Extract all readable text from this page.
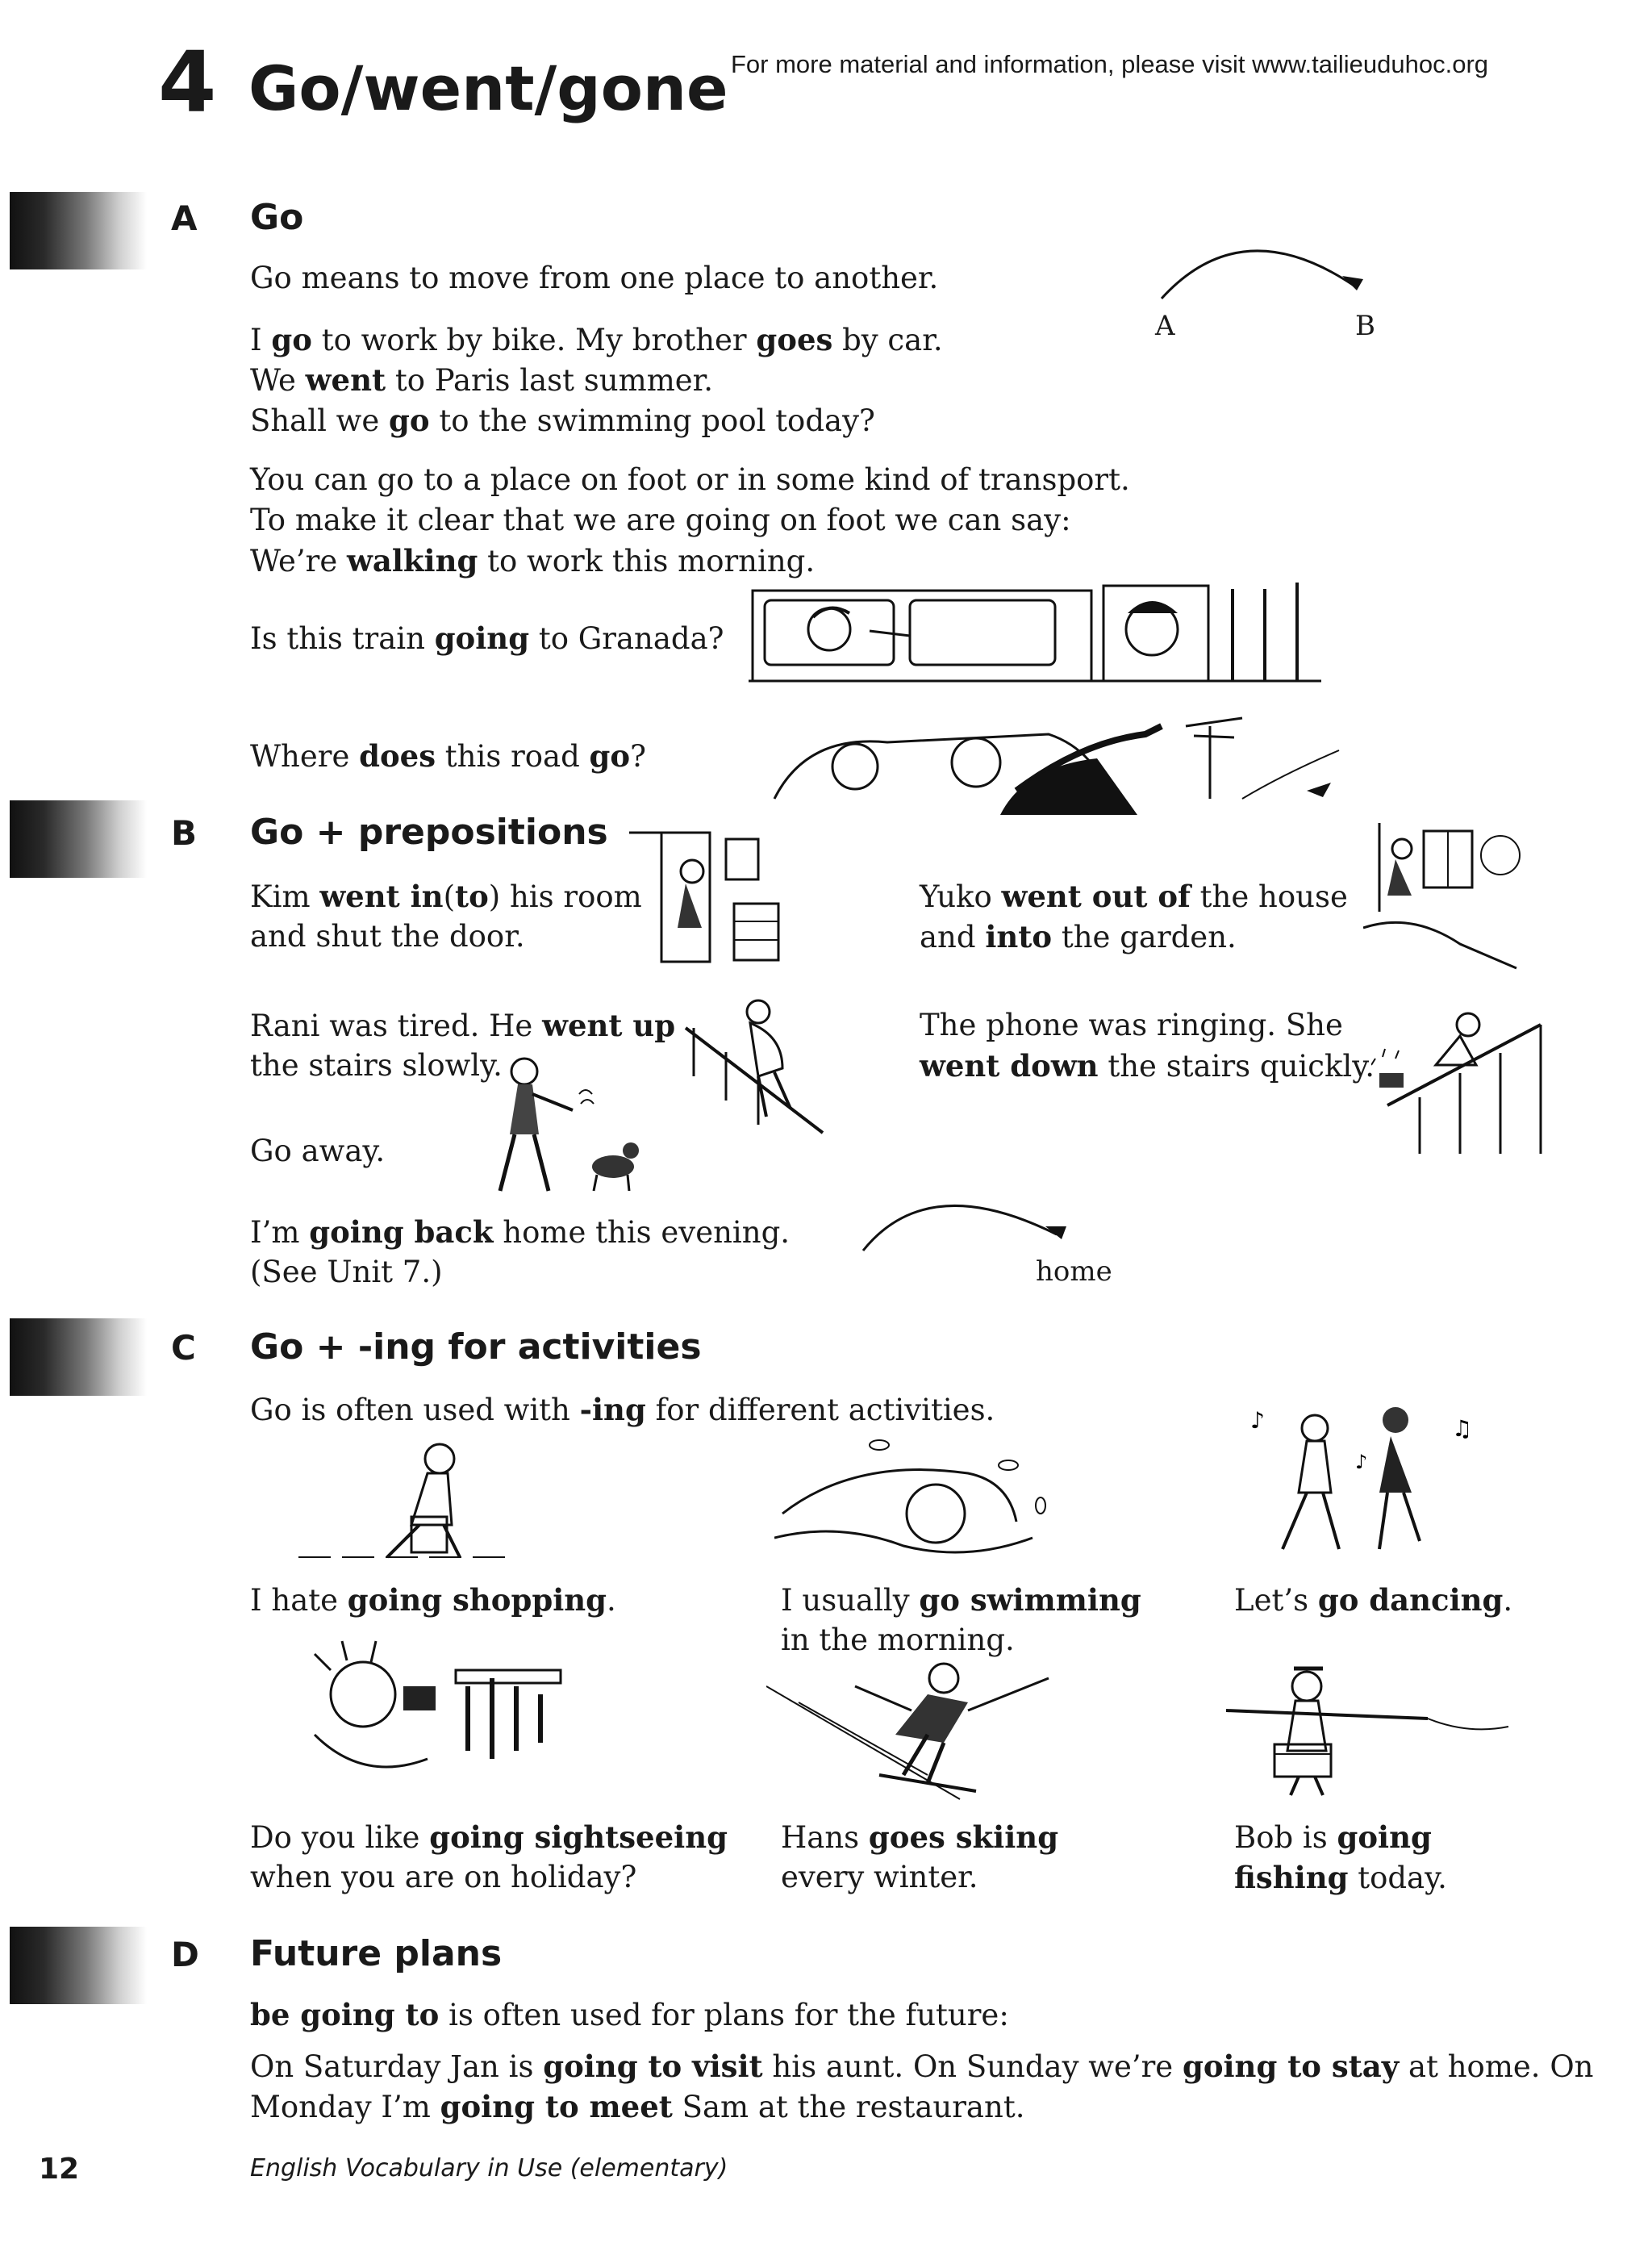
4 Go/went/gone For more material and information, please visit www.tailieuduhoc.org
A Go
Go means to move from one place to another.
I go to work by bike. My brother goes by car.
We went to Paris last summer.
Shall we go to the swimming pool today?
You can go to a place on foot or in some kind of transport.
To make it clear that we are going on foot we can say:
We’re walking to work this morning.
Is this train going to Granada?
Where does this road go?
A	B
B Go + prepositions
Kim went in(to) his room
and shut the door.
Yuko went out of the house
and into the garden.
Rani was tired. He went up
the stairs slowly.
The phone was ringing. She
went down the stairs quickly.
Go away.
I’m going back home this evening.
(See Unit 7.)	home
C Go + -ing for activities
Go is often used with -ing for different activities.	♪	♫
♪
I hate going shopping.	I usually go swimming
in the morning.
Let’s go dancing.
Do you like going sightseeing
when you are on holiday?
Hans goes skiing
every winter.
Bob is going
fishing today.
D Future plans
be going to is often used for plans for the future:
On Saturday Jan is going to visit his aunt. On Sunday we’re going to stay at home. On
Monday I’m going to meet Sam at the restaurant.
12	English Vocabulary in Use (elementary)
